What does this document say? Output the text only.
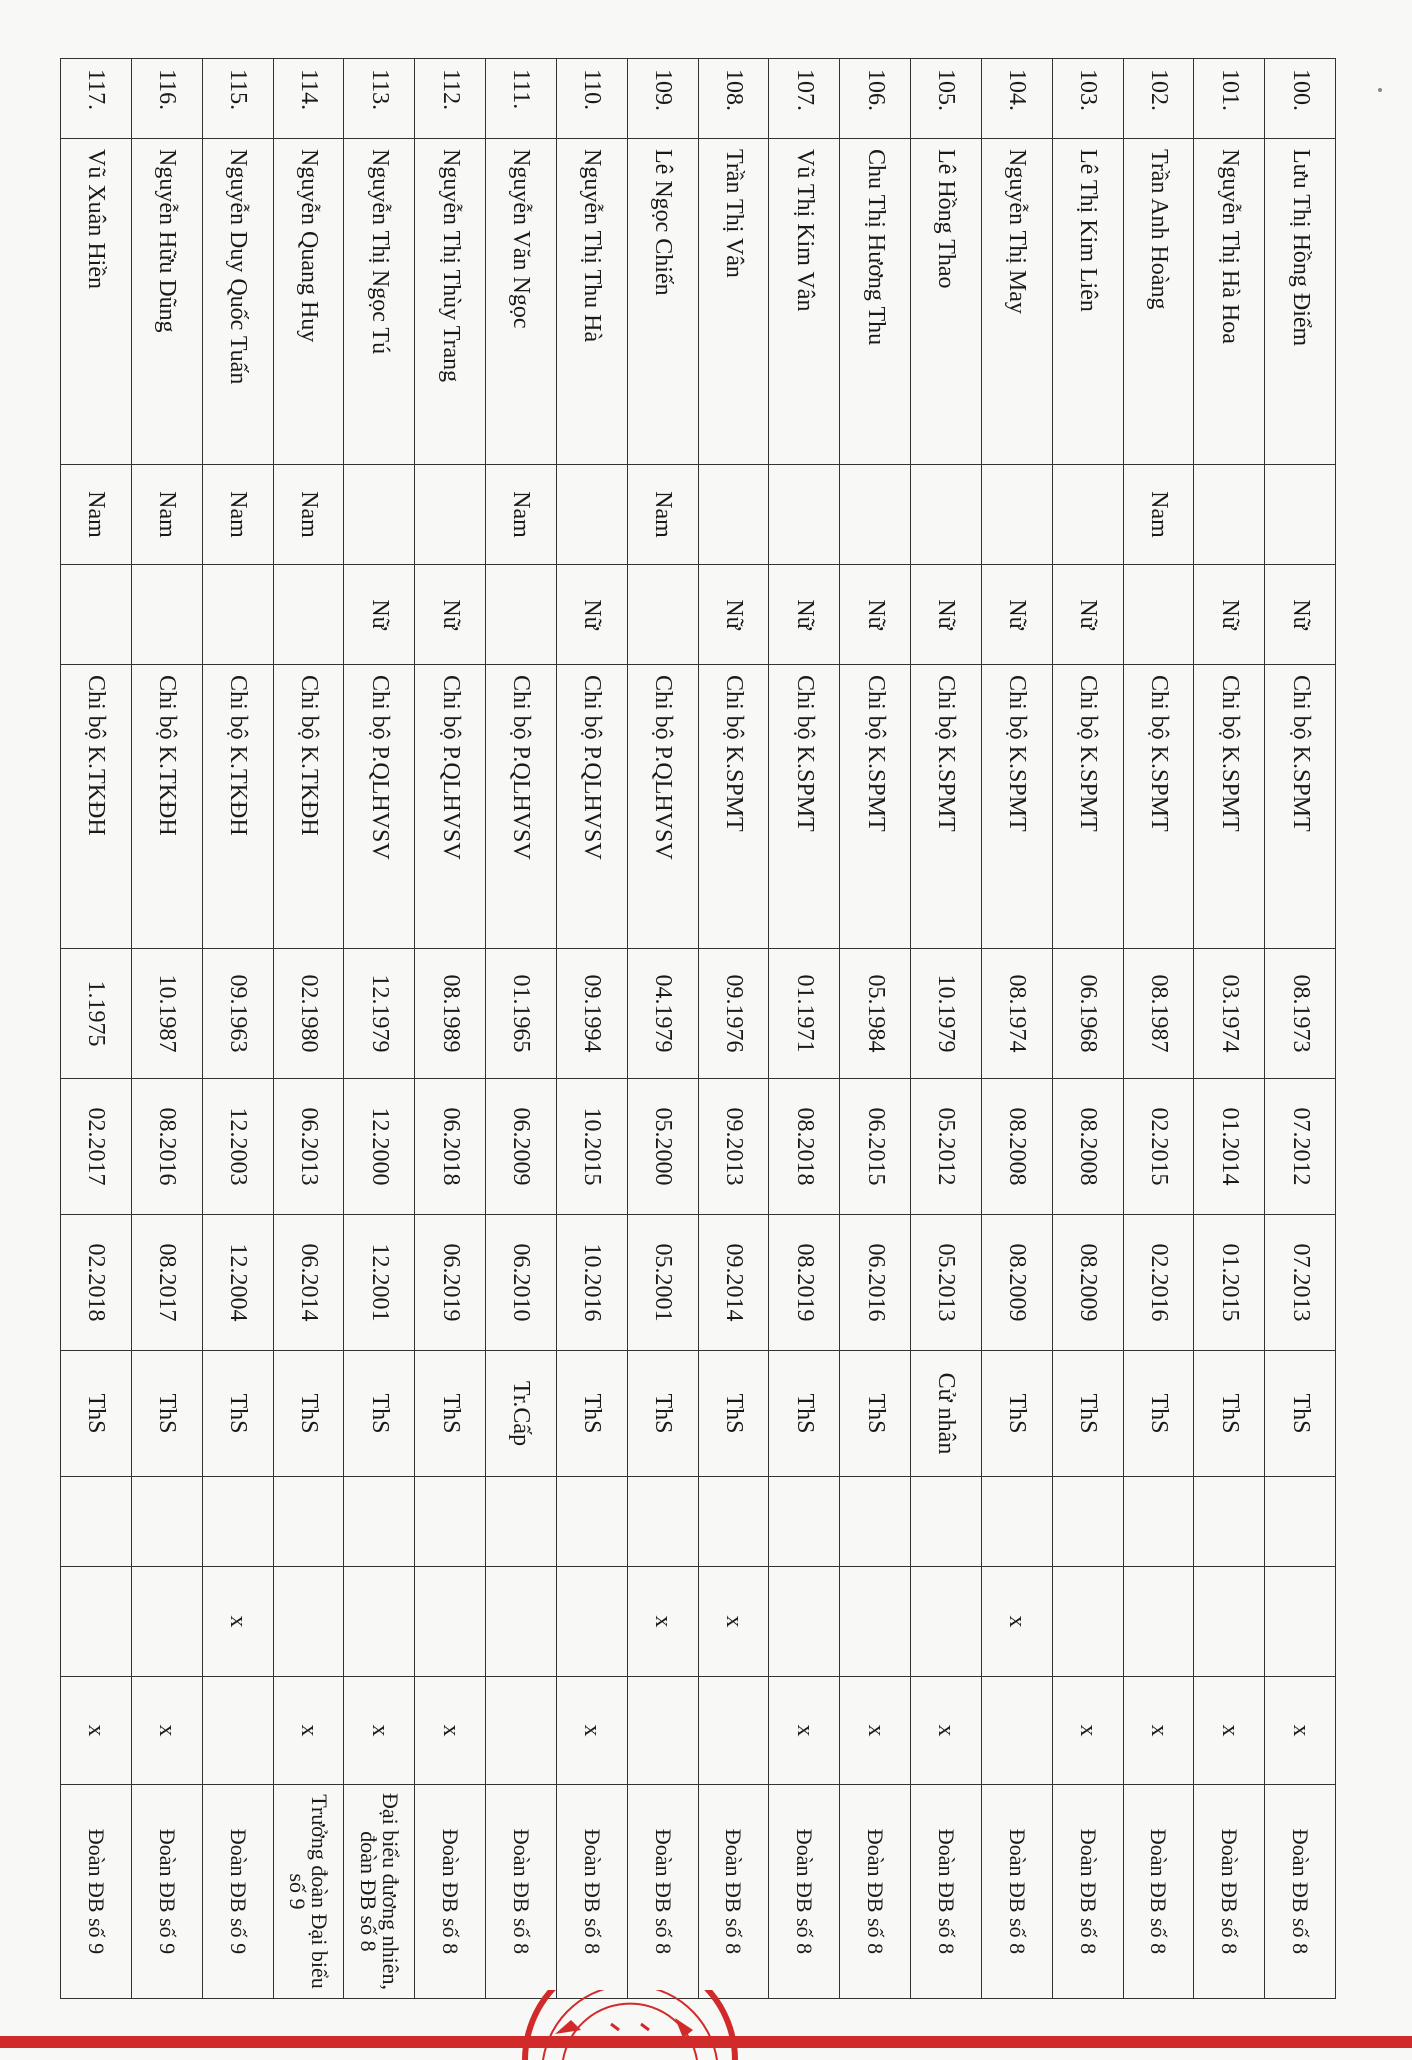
100.	Lưu Thị Hồng Điểm		Nữ	Chi bộ K.SPMT	08.1973	07.2012	07.2013	ThS			x	Đoàn ĐB số 8
101.	Nguyễn Thị Hà Hoa		Nữ	Chi bộ K.SPMT	03.1974	01.2014	01.2015	ThS			x	Đoàn ĐB số 8
102.	Trần Anh Hoàng	Nam		Chi bộ K.SPMT	08.1987	02.2015	02.2016	ThS			x	Đoàn ĐB số 8
103.	Lê Thị Kim Liên		Nữ	Chi bộ K.SPMT	06.1968	08.2008	08.2009	ThS			x	Đoàn ĐB số 8
104.	Nguyễn Thị May		Nữ	Chi bộ K.SPMT	08.1974	08.2008	08.2009	ThS		x		Đoàn ĐB số 8
105.	Lê Hồng Thao		Nữ	Chi bộ K.SPMT	10.1979	05.2012	05.2013	Cử nhân			x	Đoàn ĐB số 8
106.	Chu Thị Hương Thu		Nữ	Chi bộ K.SPMT	05.1984	06.2015	06.2016	ThS			x	Đoàn ĐB số 8
107.	Vũ Thị Kim Vân		Nữ	Chi bộ K.SPMT	01.1971	08.2018	08.2019	ThS			x	Đoàn ĐB số 8
108.	Trần Thị Vân		Nữ	Chi bộ K.SPMT	09.1976	09.2013	09.2014	ThS		x		Đoàn ĐB số 8
109.	Lê Ngọc Chiến	Nam		Chi bộ P.QLHVSV	04.1979	05.2000	05.2001	ThS		x		Đoàn ĐB số 8
110.	Nguyễn Thị Thu Hà		Nữ	Chi bộ P.QLHVSV	09.1994	10.2015	10.2016	ThS			x	Đoàn ĐB số 8
111.	Nguyễn Văn Ngọc	Nam		Chi bộ P.QLHVSV	01.1965	06.2009	06.2010	Tr.Cấp				Đoàn ĐB số 8
112.	Nguyễn Thị Thùy Trang		Nữ	Chi bộ P.QLHVSV	08.1989	06.2018	06.2019	ThS			x	Đoàn ĐB số 8
113.	Nguyễn Thị Ngọc Tú		Nữ	Chi bộ P.QLHVSV	12.1979	12.2000	12.2001	ThS			x	Đại biểu đương nhiên, đoàn ĐB số 8
114.	Nguyễn Quang Huy	Nam		Chi bộ K.TKĐH	02.1980	06.2013	06.2014	ThS			x	Trưởng đoàn Đại biểu số 9
115.	Nguyễn Duy Quốc Tuấn	Nam		Chi bộ K.TKĐH	09.1963	12.2003	12.2004	ThS		x		Đoàn ĐB số 9
116.	Nguyễn Hữu Dũng	Nam		Chi bộ K.TKĐH	10.1987	08.2016	08.2017	ThS			x	Đoàn ĐB số 9
117.	Vũ Xuân Hiền	Nam		Chi bộ K.TKĐH	1.1975	02.2017	02.2018	ThS			x	Đoàn ĐB số 9
